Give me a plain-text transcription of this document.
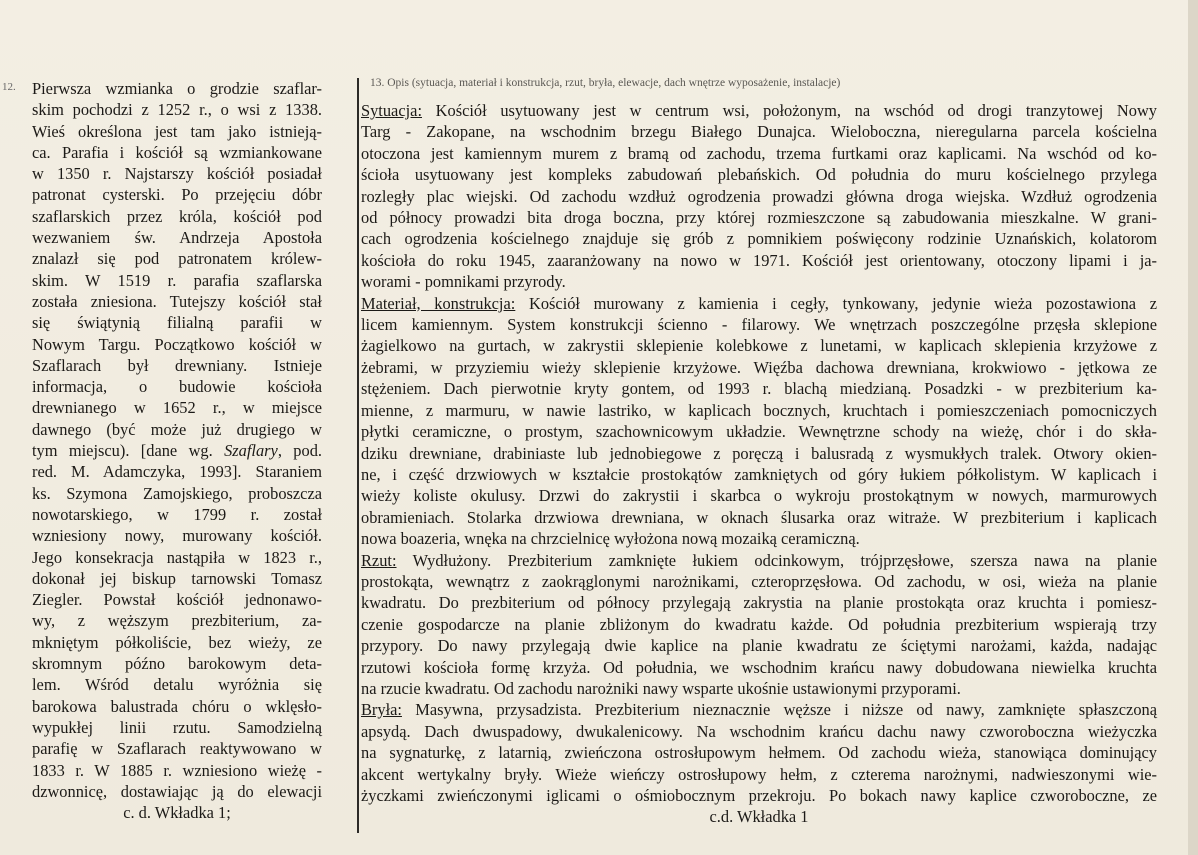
12. Pierwsza wzmianka o grodzie szaflar-
skim pochodzi z 1252 r., o wsi z 1338.
Wieś określona jest tam jako istnieją-
ca. Parafia i kościół są wzmiankowane
w 1350 r. Najstarszy kościół posiadał
patronat cysterski. Po przejęciu dóbr
szaflarskich przez króla, kościół pod
wezwaniem św. Andrzeja Apostoła
znalazł się pod patronatem królew-
skim. W 1519 r. parafia szaflarska
została zniesiona. Tutejszy kościół stał
się świątynią filialną parafii w
Nowym Targu. Początkowo kościół w
Szaflarach był drewniany. Istnieje
informacja, o budowie kościoła
drewnianego w 1652 r., w miejsce
dawnego (być może już drugiego w
tym miejscu). [dane wg. Szaflary, pod.
red. M. Adamczyka, 1993]. Staraniem
ks. Szymona Zamojskiego, proboszcza
nowotarskiego, w 1799 r. został
wzniesiony nowy, murowany kościół.
Jego konsekracja nastąpiła w 1823 r.,
dokonał jej biskup tarnowski Tomasz
Ziegler. Powstał kościół jednonawo-
wy, z węższym prezbiterium, za-
mkniętym półkoliście, bez wieży, ze
skromnym późno barokowym deta-
lem. Wśród detalu wyróżnia się
barokowa balustrada chóru o wklęsło-
wypukłej linii rzutu. Samodzielną
parafię w Szaflarach reaktywowano w
1833 r. W 1885 r. wzniesiono wieżę -
dzwonnicę, dostawiając ją do elewacji
c. d. Wkładka 1;
13. Opis (sytuacja, materiał i konstrukcja, rzut, bryła, elewacje, dach wnętrze wyposażenie, instalacje)
Sytuacja: Kościół usytuowany jest w centrum wsi, położonym, na wschód od drogi tranzytowej Nowy
Targ - Zakopane, na wschodnim brzegu Białego Dunajca. Wieloboczna, nieregularna parcela kościelna
otoczona jest kamiennym murem z bramą od zachodu, trzema furtkami oraz kaplicami. Na wschód od ko-
ścioła usytuowany jest kompleks zabudowań plebańskich. Od południa do muru kościelnego przylega
rozległy plac wiejski. Od zachodu wzdłuż ogrodzenia prowadzi główna droga wiejska. Wzdłuż ogrodzenia
od północy prowadzi bita droga boczna, przy której rozmieszczone są zabudowania mieszkalne. W grani-
cach ogrodzenia kościelnego znajduje się grób z pomnikiem poświęcony rodzinie Uznańskich, kolatorom
kościoła do roku 1945, zaaranżowany na nowo w 1971. Kościół jest orientowany, otoczony lipami i ja-
worami - pomnikami przyrody.
Materiał, konstrukcja: Kościół murowany z kamienia i cegły, tynkowany, jedynie wieża pozostawiona z
licem kamiennym. System konstrukcji ścienno - filarowy. We wnętrzach poszczególne przęsła sklepione
żagielkowo na gurtach, w zakrystii sklepienie kolebkowe z lunetami, w kaplicach sklepienia krzyżowe z
żebrami, w przyziemiu wieży sklepienie krzyżowe. Więźba dachowa drewniana, krokwiowo - jętkowa ze
stężeniem. Dach pierwotnie kryty gontem, od 1993 r. blachą miedzianą. Posadzki - w prezbiterium ka-
mienne, z marmuru, w nawie lastriko, w kaplicach bocznych, kruchtach i pomieszczeniach pomocniczych
płytki ceramiczne, o prostym, szachownicowym układzie. Wewnętrzne schody na wieżę, chór i do skła-
dziku drewniane, drabiniaste lub jednobiegowe z poręczą i balusradą z wysmukłych tralek. Otwory okien-
ne, i część drzwiowych w kształcie prostokątów zamkniętych od góry łukiem półkolistym. W kaplicach i
wieży koliste okulusy. Drzwi do zakrystii i skarbca o wykroju prostokątnym w nowych, marmurowych
obramieniach. Stolarka drzwiowa drewniana, w oknach ślusarka oraz witraże. W prezbiterium i kaplicach
nowa boazeria, wnęka na chrzcielnicę wyłożona nową mozaiką ceramiczną.
Rzut: Wydłużony. Prezbiterium zamknięte łukiem odcinkowym, trójprzęsłowe, szersza nawa na planie
prostokąta, wewnątrz z zaokrąglonymi narożnikami, czteroprzęsłowa. Od zachodu, w osi, wieża na planie
kwadratu. Do prezbiterium od północy przylegają zakrystia na planie prostokąta oraz kruchta i pomiesz-
czenie gospodarcze na planie zbliżonym do kwadratu każde. Od południa prezbiterium wspierają trzy
przypory. Do nawy przylegają dwie kaplice na planie kwadratu ze ściętymi narożami, każda, nadając
rzutowi kościoła formę krzyża. Od południa, we wschodnim krańcu nawy dobudowana niewielka kruchta
na rzucie kwadratu. Od zachodu narożniki nawy wsparte ukośnie ustawionymi przyporami.
Bryła: Masywna, przysadzista. Prezbiterium nieznacznie węższe i niższe od nawy, zamknięte spłaszczoną
apsydą. Dach dwuspadowy, dwukalenicowy. Na wschodnim krańcu dachu nawy czworoboczna wieżyczka
na sygnaturkę, z latarnią, zwieńczona ostrosłupowym hełmem. Od zachodu wieża, stanowiąca dominujący
akcent wertykalny bryły. Wieże wieńczy ostrosłupowy hełm, z czterema narożnymi, nadwieszonymi wie-
życzkami zwieńczonymi iglicami o ośmiobocznym przekroju. Po bokach nawy kaplice czworoboczne, ze
c.d. Wkładka 1
